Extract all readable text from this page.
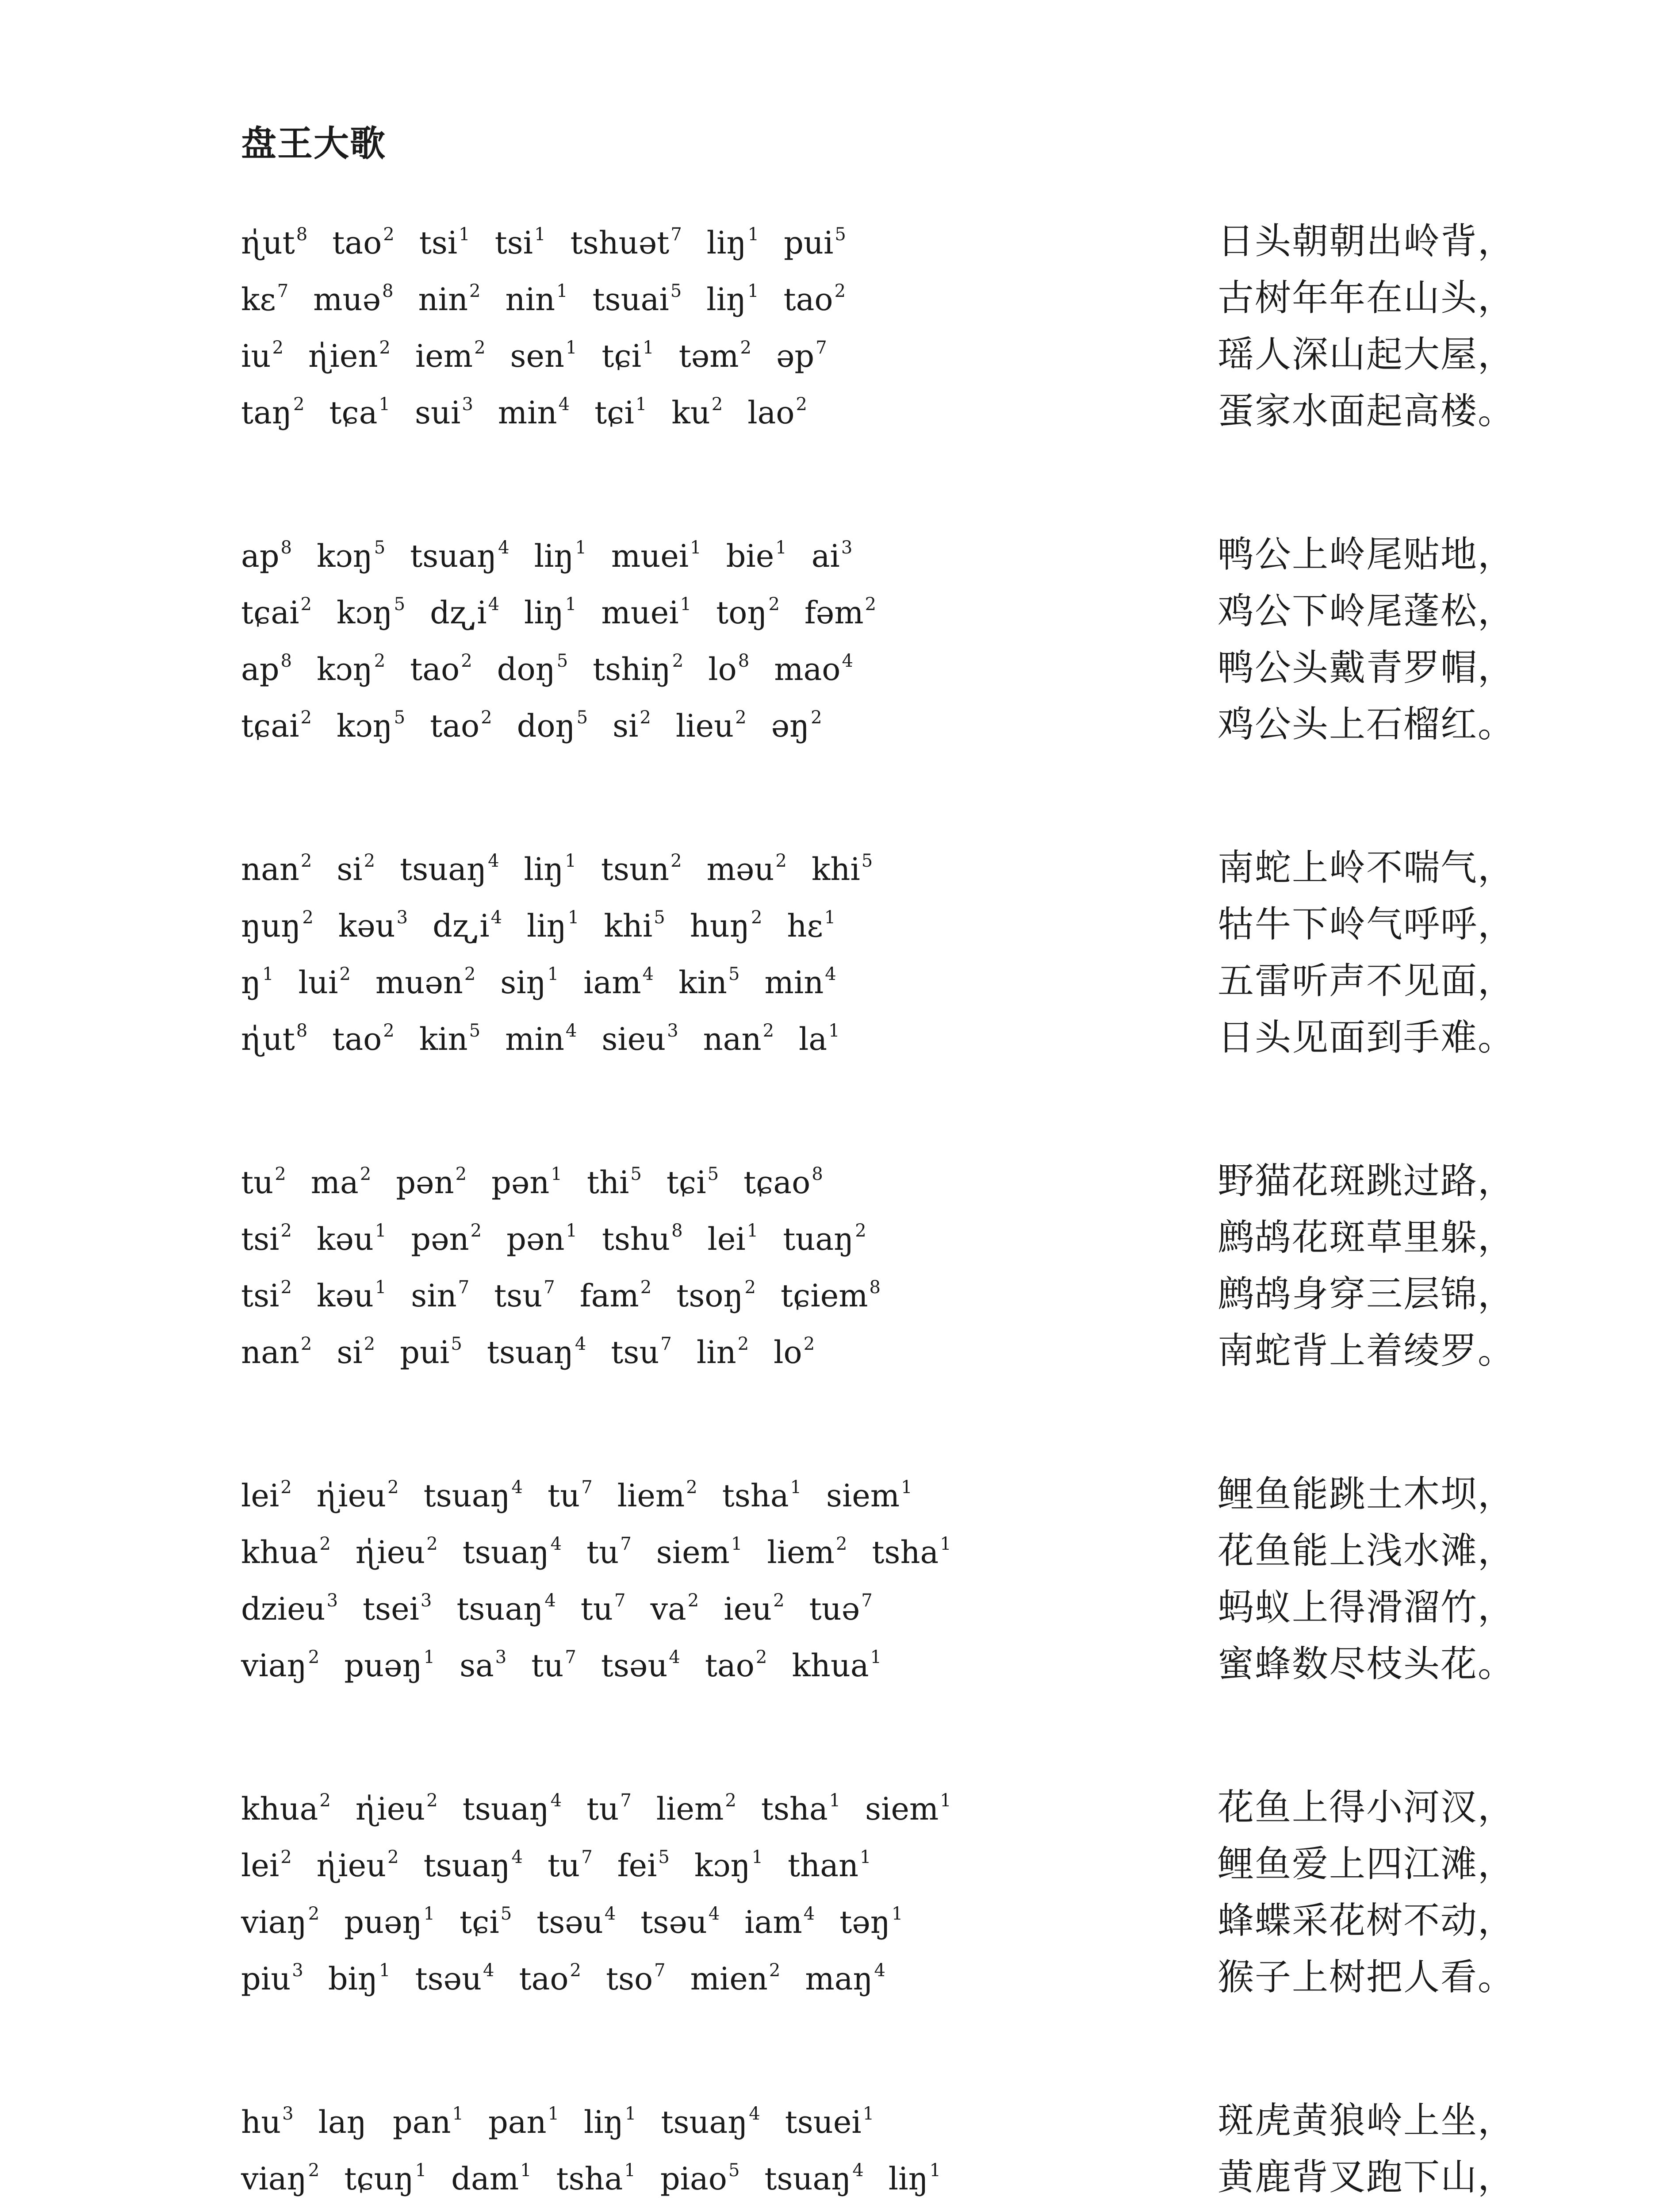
盘王大歌
$ɳ̍ut^8$ tao$^2$ tsi$^1$ tsi$^1$ tshuət$^7$ liŋ$^1$ pui$^5$	日头朝朝出岭背，
kɛ$^7$ muə$^8$ nin$^2$ nin$^1$ tsuai$^5$ liŋ$^1$ tao$^2$	古树年年在山头，
$iu^2$ ɳ̍ien$^2$ iem$^2$ sen$^1$ tɕi$^1$ təm$^2$ əp$^7$	瑶人深山起大屋，
taŋ$^2$ tɕa$^1$ sui$^3$ $\min^4$ tɕi$^1$ $ku^2$ lao$^2$	蛋家水面起高楼。
$ap^8$ kɔŋ$^5$ tsuaŋ$^4$ liŋ$^1$ muei$^1$ bie$^1$ $ai^3$	鸭公上岭尾贴地，
tɕai$^2$ kɔŋ$^5$ $dʐ͵i^4$ liŋ$^1$ muei$^1$ toŋ$^2$ fəm$^2$	鸡公下岭尾蓬松，
$ap^8$ kɔŋ$^2$ tao$^2$ doŋ$^5$ tshiŋ$^2$ $lo^8$ mao$^4$	鸭公头戴青罗帽，
tɕai$^2$ kɔŋ$^5$ tao$^2$ doŋ$^5$ $si^2$ lieu$^2$ əŋ$^2$	鸡公头上石榴红。
nan$^2$ $si^2$ tsuaŋ$^4$ liŋ$^1$ tsun$^2$ məu$^2$ khi$^5$	南蛇上岭不喘气，
ŋuŋ$^2$ kəu$^3$ $dʐ͵i^4$ liŋ$^1$ khi$^5$ huŋ$^2$ hɛ$^1$	牯牛下岭气呼呼，
$ŋ^1$ lui$^2$ muən$^2$ siŋ$^1$ iam$^4$ kin$^5$ $\min^4$	五雷听声不见面，
$ɳ̍ut^8$ tao$^2$ kin$^5$ $\min^4$ sieu$^3$ nan$^2$ $la^1$	日头见面到手难。
$tu^2$ $ma^2$ pən$^2$ pən$^1$ thi$^5$ tɕi$^5$ tɕao$^8$	野猫花斑跳过路，
tsi$^2$ kəu$^1$ pən$^2$ pən$^1$ tshu$^8$ lei$^1$ tuaŋ$^2$	鹧鸪花斑草里躲，
tsi$^2$ kəu$^1$ $\sin^7 tsu^7$ fam$^2$ tsoŋ$^2$ tɕiem$^8$	鹧鸪身穿三层锦，
nan$^2$ $si^2$ pui$^5$ tsuaŋ$^4$ tsu$^7$ lin$^2$ $lo^2$	南蛇背上着绫罗。
lei$^2$ ɳ̍ieu$^2$ tsuaŋ$^4$ $tu^7$ liem$^2$ tsha$^1$ siem$^1$	鲤鱼能跳土木坝，
khua$^2$ ɳ̍ieu$^2$ tsuaŋ$^4$ $tu^7$ siem$^1$ liem$^2$ tsha$^1$	花鱼能上浅水滩，
dzieu$^3$ tsei$^3$ tsuaŋ$^4$ $tu^7$ $va^2$ ieu$^2$ tuə$^7$	蚂蚁上得滑溜竹，
viaŋ$^2$ puəŋ$^1$ $sa^3$ $tu^7$ tsəu$^4$ tao$^2$ khua$^1$	蜜蜂数尽枝头花。
khua$^2$ ɳ̍ieu$^2$ tsuaŋ$^4$ $tu^7$ liem$^2$ tsha$^1$ siem$^1$	花鱼上得小河汊，
lei$^2$ ɳ̍ieu$^2$ tsuaŋ$^4$ $tu^7$ fei$^5$ kɔŋ$^1$ than$^1$	鲤鱼爱上四江滩，
viaŋ$^2$ puəŋ$^1$ tɕi$^5$ tsəu$^4$ tsəu$^4$ iam$^4$ təŋ$^1$	蜂蝶采花树不动，
piu$^3$ biŋ$^1$ tsəu$^4$ tao$^2$ tso$^7$ mien$^2$ maŋ$^4$	猴子上树把人看。
$hu^3$ laŋ pan$^1$ pan$^1$ liŋ$^1$ tsuaŋ$^4$ tsuei$^1$	斑虎黄狼岭上坐，
viaŋ$^2$ tɕuŋ$^1$ dam$^1$ tsha$^1$ piao$^5$ tsuaŋ$^4$ liŋ$^1$	黄鹿背叉跑下山，
